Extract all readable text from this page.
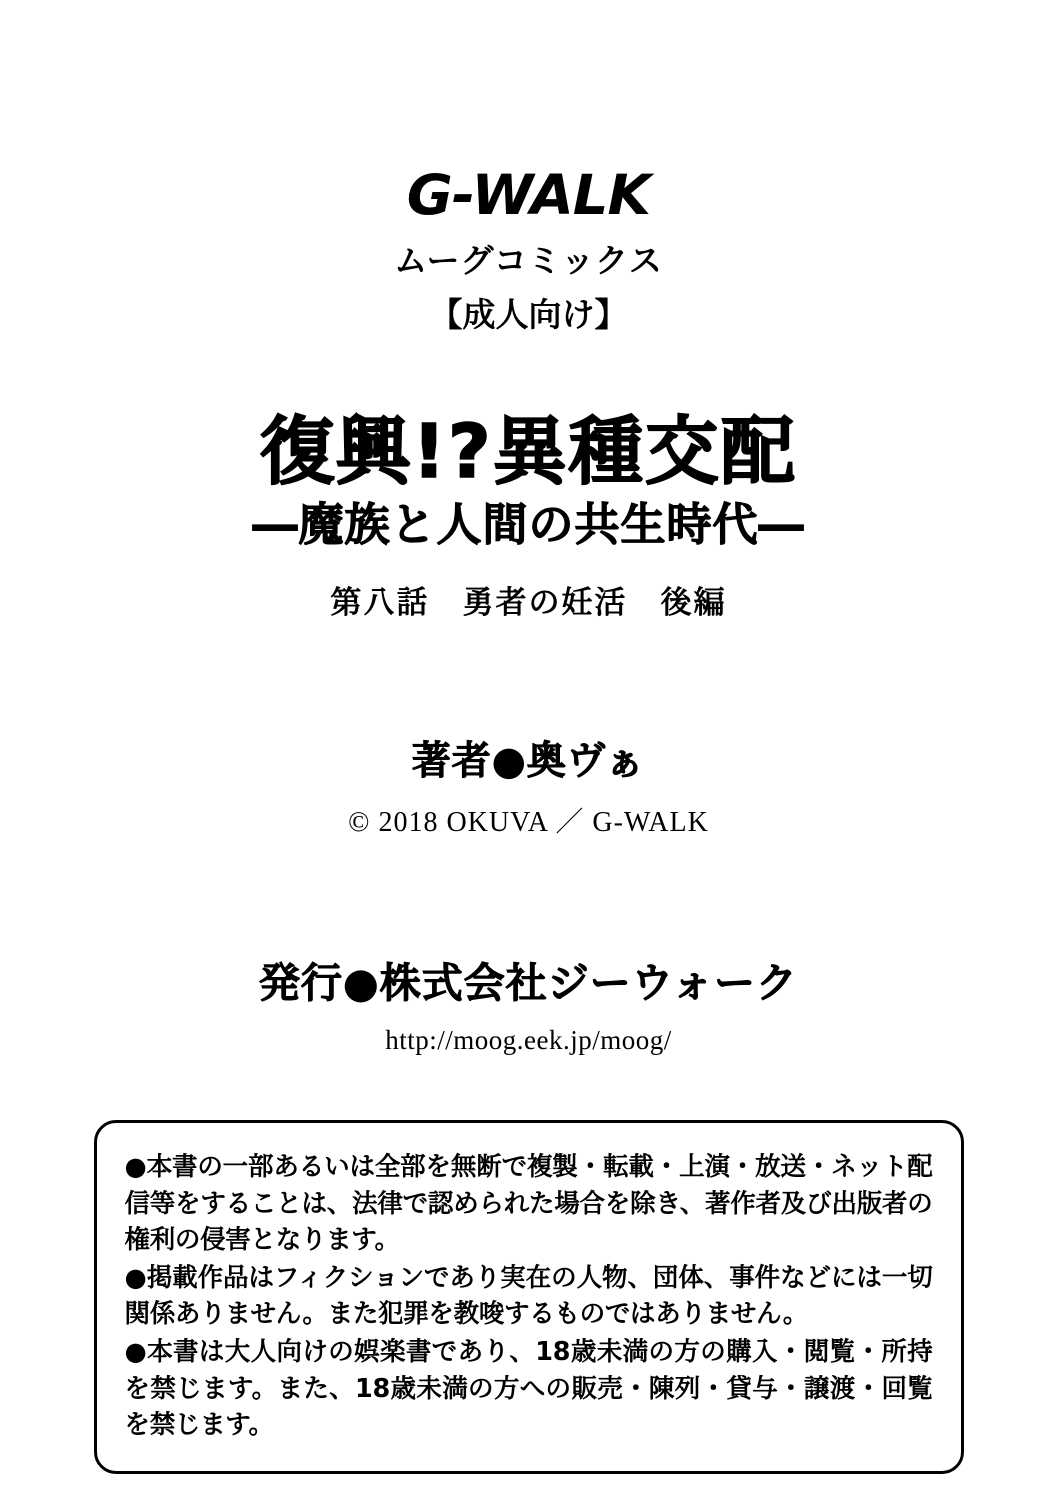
G-WALK
ムーグコミックス
【成人向け】
復興!?異種交配
―魔族と人間の共生時代―
第八話　勇者の妊活　後編
著者●奥ヴぁ
© 2018 OKUVA ／ G-WALK
発行●株式会社ジーウォーク
http://moog.eek.jp/moog/

●本書の一部あるいは全部を無断で複製・転載・上演・放送・ネット配信等をすることは、法律で認められた場合を除き、著作者及び出版者の権利の侵害となります。

●掲載作品はフィクションであり実在の人物、団体、事件などには一切関係ありません。また犯罪を教唆するものではありません。

●本書は大人向けの娯楽書であり、18歳未満の方の購入・閲覧・所持を禁じます。また、18歳未満の方への販売・陳列・貸与・譲渡・回覧を禁じます。
